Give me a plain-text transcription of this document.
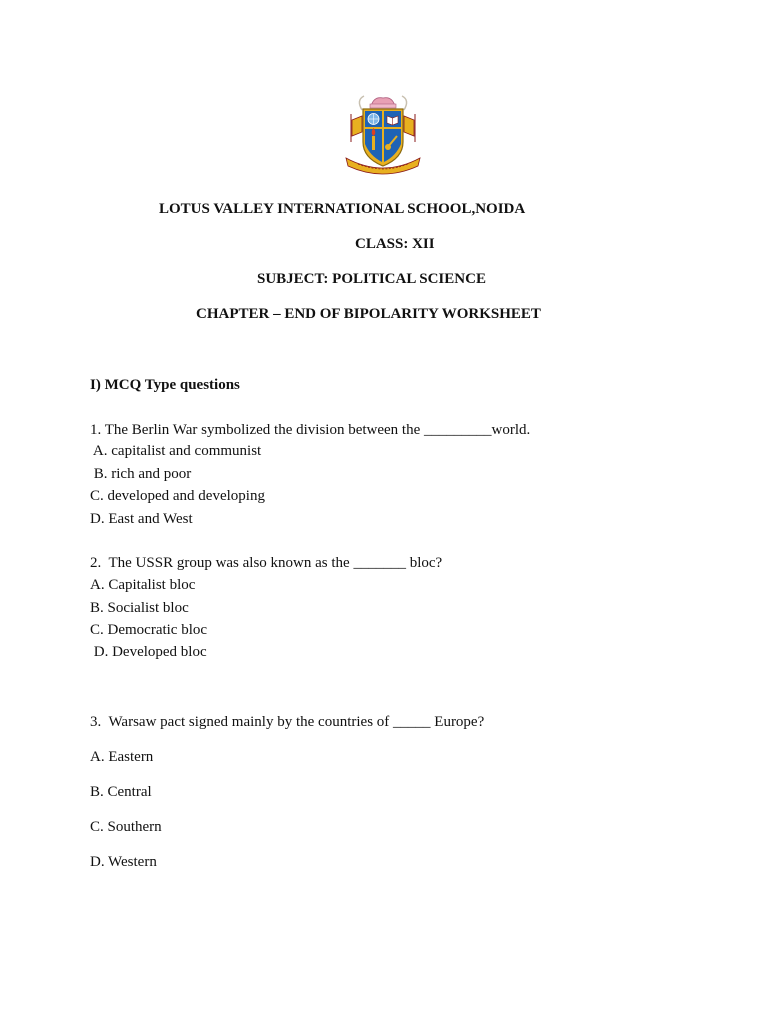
LOTUS VALLEY INTERNATIONAL SCHOOL,NOIDA
CLASS: XII
SUBJECT: POLITICAL SCIENCE
CHAPTER – END OF BIPOLARITY WORKSHEET
I) MCQ Type questions
1. The Berlin War symbolized the division between the _________world.
A. capitalist and communist
B. rich and poor
C. developed and developing
D. East and West
2.  The USSR group was also known as the _______ bloc?
A. Capitalist bloc
B. Socialist bloc
C. Democratic bloc
D. Developed bloc
3.  Warsaw pact signed mainly by the countries of _____ Europe?
A. Eastern
B. Central
C. Southern
D. Western
